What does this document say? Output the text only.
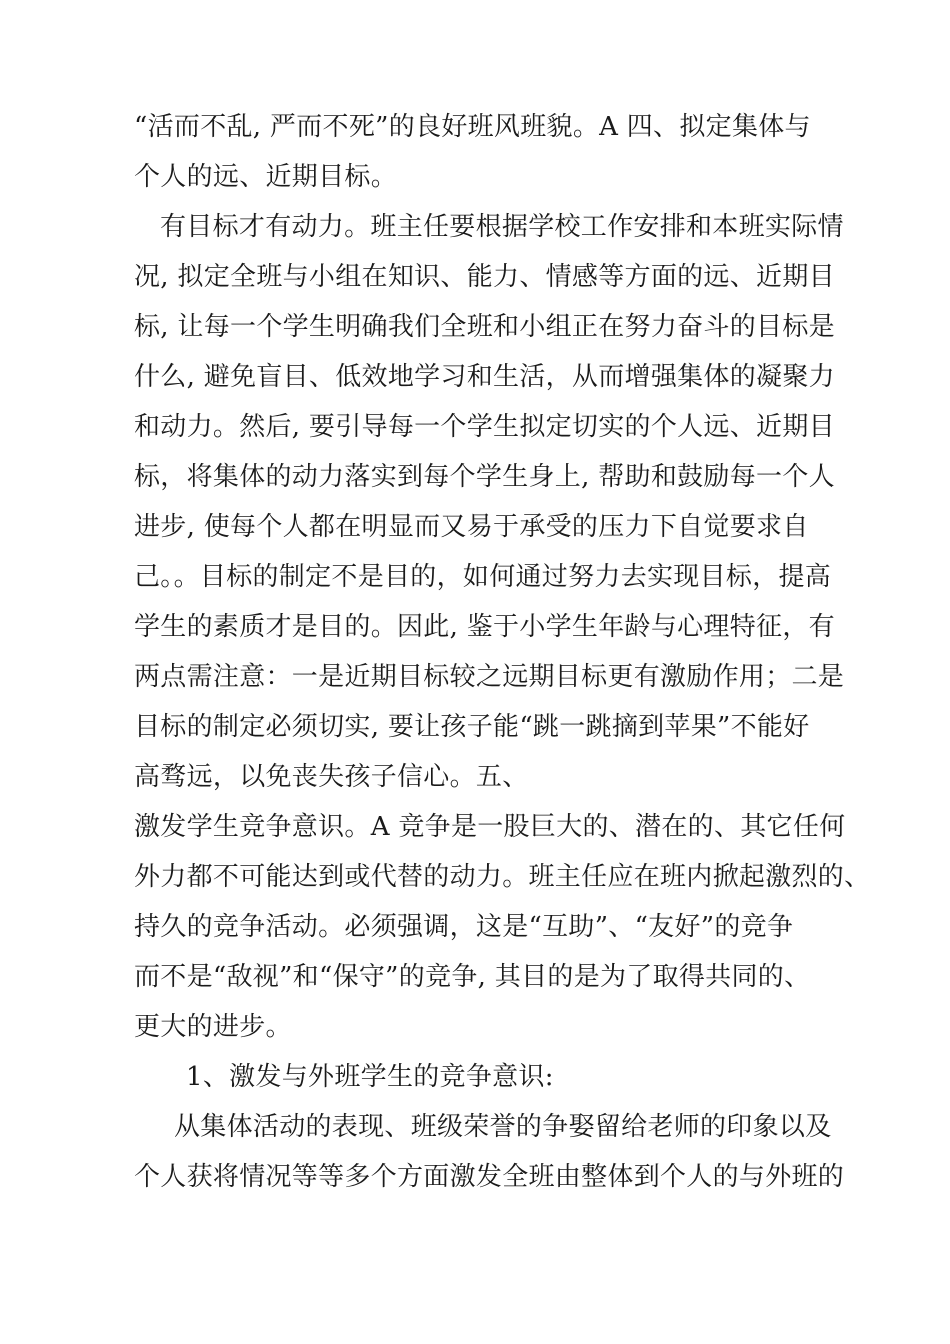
“活而不乱, 严而不死”的良好班风班貌。A 四、拟定集体与
个人的远、近期目标。
有目标才有动力。班主任要根据学校工作安排和本班实际情
况, 拟定全班与小组在知识、能力、情感等方面的远、近期目
标, 让每一个学生明确我们全班和小组正在努力奋斗的目标是
什么, 避免盲目、低效地学习和生活，从而增强集体的凝聚力
和动力。然后, 要引导每一个学生拟定切实的个人远、近期目
标，将集体的动力落实到每个学生身上, 帮助和鼓励每一个人
进步, 使每个人都在明显而又易于承受的压力下自觉要求自
己。。目标的制定不是目的，如何通过努力去实现目标，提高
学生的素质才是目的。因此, 鉴于小学生年龄与心理特征，有
两点需注意：一是近期目标较之远期目标更有激励作用；二是
目标的制定必须切实, 要让孩子能“跳一跳摘到苹果”不能好
高骛远，以免丧失孩子信心。五、
激发学生竞争意识。A 竞争是一股巨大的、潜在的、其它任何
外力都不可能达到或代替的动力。班主任应在班内掀起激烈的、
持久的竞争活动。必须强调，这是“互助”、“友好”的竞争
而不是“敌视”和“保守”的竞争, 其目的是为了取得共同的、
更大的进步。
1、激发与外班学生的竞争意识:
从集体活动的表现、班级荣誉的争娶留给老师的印象以及
个人获将情况等等多个方面激发全班由整体到个人的与外班的
